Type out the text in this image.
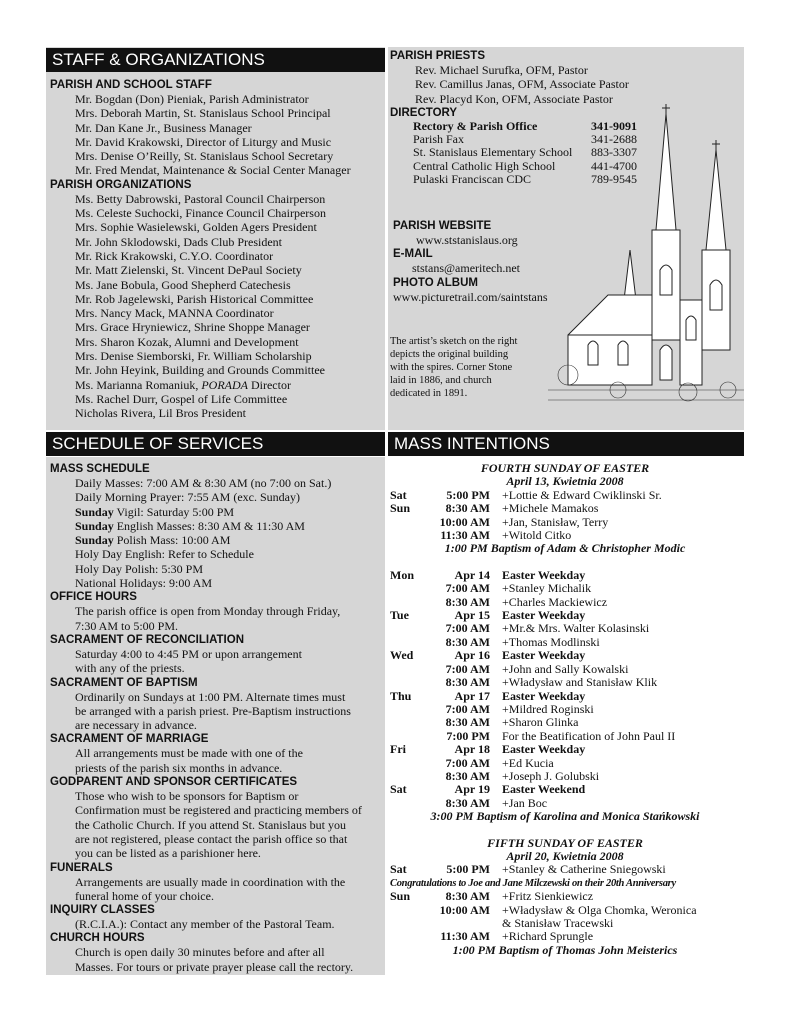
STAFF & ORGANIZATIONS
PARISH AND SCHOOL STAFF
Mr. Bogdan (Don) Pieniak, Parish Administrator
Mrs. Deborah Martin, St. Stanislaus School Principal
Mr. Dan Kane Jr., Business Manager
Mr. David Krakowski, Director of Liturgy and Music
Mrs. Denise O’Reilly, St. Stanislaus School Secretary
Mr. Fred Mendat, Maintenance & Social Center Manager
PARISH ORGANIZATIONS
Ms. Betty Dabrowski, Pastoral Council Chairperson
Ms. Celeste Suchocki, Finance Council Chairperson
Mrs. Sophie Wasielewski, Golden Agers President
Mr. John Sklodowski, Dads Club President
Mr. Rick Krakowski, C.Y.O. Coordinator
Mr. Matt Zielenski, St. Vincent DePaul Society
Ms. Jane Bobula, Good Shepherd Catechesis
Mr. Rob Jagelewski, Parish Historical Committee
Mrs. Nancy Mack, MANNA Coordinator
Mrs. Grace Hryniewicz, Shrine Shoppe Manager
Mrs. Sharon Kozak, Alumni and Development
Mrs. Denise Siemborski, Fr. William Scholarship
Mr. John Heyink, Building and Grounds Committee
Ms. Marianna Romaniuk, PORADA Director
Ms. Rachel Durr, Gospel of Life Committee
Nicholas Rivera, Lil Bros President
PARISH PRIESTS
Rev. Michael Surufka, OFM, Pastor
Rev. Camillus Janas, OFM, Associate Pastor
Rev. Placyd Kon, OFM, Associate Pastor
DIRECTORY
Rectory & Parish Office	341-9091
Parish Fax	341-2688
St. Stanislaus Elementary School	883-3307
Central Catholic High School	441-4700
Pulaski Franciscan CDC	789-9545
PARISH WEBSITE
www.ststanislaus.org
E-MAIL
ststans@ameritech.net
PHOTO ALBUM
www.picturetrail.com/saintstans
The artist’s sketch on the right
depicts the original building
with the spires. Corner Stone
laid in 1886, and church
dedicated in 1891.
SCHEDULE OF SERVICES
MASS SCHEDULE
Daily Masses: 7:00 AM & 8:30 AM (no 7:00 on Sat.)
Daily Morning Prayer: 7:55 AM (exc. Sunday)
Sunday Vigil: Saturday 5:00 PM
Sunday English Masses: 8:30 AM & 11:30 AM
Sunday Polish Mass: 10:00 AM
Holy Day English: Refer to Schedule
Holy Day Polish: 5:30 PM
National Holidays: 9:00 AM
OFFICE HOURS
The parish office is open from Monday through Friday,
7:30 AM to 5:00 PM.
SACRAMENT OF RECONCILIATION
Saturday 4:00 to 4:45 PM or upon arrangement
with any of the priests.
SACRAMENT OF BAPTISM
Ordinarily on Sundays at 1:00 PM. Alternate times must
be arranged with a parish priest. Pre-Baptism instructions
are necessary in advance.
SACRAMENT OF MARRIAGE
All arrangements must be made with one of the
priests of the parish six months in advance.
GODPARENT AND SPONSOR CERTIFICATES
Those who wish to be sponsors for Baptism or
Confirmation must be registered and practicing members of
the Catholic Church. If you attend St. Stanislaus but you
are not registered, please contact the parish office so that
you can be listed as a parishioner here.
FUNERALS
Arrangements are usually made in coordination with the
funeral home of your choice.
INQUIRY CLASSES
(R.C.I.A.): Contact any member of the Pastoral Team.
CHURCH HOURS
Church is open daily 30 minutes before and after all
Masses. For tours or private prayer please call the rectory.
MASS INTENTIONS
FOURTH SUNDAY OF EASTER
April 13, Kwietnia 2008
Sat	5:00 PM	+Lottie & Edward Cwiklinski Sr.
Sun	8:30 AM	+Michele Mamakos
10:00 AM	+Jan, Stanisław, Terry
11:30 AM	+Witold Citko
1:00 PM Baptism of Adam & Christopher Modic
Mon	Apr 14	Easter Weekday
7:00 AM	+Stanley Michalik
8:30 AM	+Charles Mackiewicz
Tue	Apr 15	Easter Weekday
7:00 AM	+Mr.& Mrs. Walter Kolasinski
8:30 AM	+Thomas Modlinski
Wed	Apr 16	Easter Weekday
7:00 AM	+John and Sally Kowalski
8:30 AM	+Władysław and Stanisław Klik
Thu	Apr 17	Easter Weekday
7:00 AM	+Mildred Roginski
8:30 AM	+Sharon Glinka
7:00 PM	For the Beatification of John Paul II
Fri	Apr 18	Easter Weekday
7:00 AM	+Ed Kucia
8:30 AM	+Joseph J. Golubski
Sat	Apr 19	Easter Weekend
8:30 AM	+Jan Boc
3:00 PM Baptism of Karolina and Monica Stańkowski
FIFTH SUNDAY OF EASTER
April 20, Kwietnia 2008
Sat	5:00 PM	+Stanley & Catherine Sniegowski
Congratulations to Joe and Jane Milczewski on their 20th Anniversary
Sun	8:30 AM	+Fritz Sienkiewicz
10:00 AM	+Władysław & Olga Chomka, Weronica
& Stanisław Tracewski
11:30 AM	+Richard Sprungle
1:00 PM Baptism of Thomas John Meisterics
